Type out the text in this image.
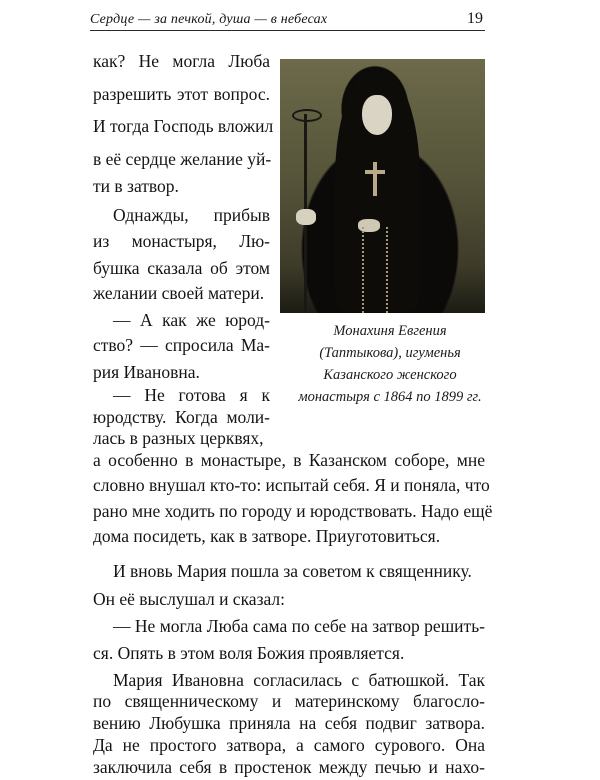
Сердце — за печкой, душа — в небесах	19
Монахиня Евгения
(Таптыкова), игуменья
Казанского женского
монастыря с 1864 по 1899 гг.
как? Не могла Люба
разрешить этот вопрос.
И тогда Господь вложил
в её сердце желание уй-
ти в затвор.
Однажды, прибыв
из монастыря, Лю-
бушка сказала об этом
желании своей матери.
— А как же юрод-
ство? — спросила Ма-
рия Ивановна.
— Не готова я к
юродству. Когда моли-
лась в разных церквях,
а особенно в монастыре, в Казанском соборе, мне
словно внушал кто-то: испытай себя. Я и поняла, что
рано мне ходить по городу и юродствовать. Надо ещё
дома посидеть, как в затворе. Приуготовиться.
И вновь Мария пошла за советом к священнику.
Он её выслушал и сказал:
— Не могла Люба сама по себе на затвор решить-
ся. Опять в этом воля Божия проявляется.
Мария Ивановна согласилась с батюшкой. Так
по священническому и материнскому благосло-
вению Любушка приняла на себя подвиг затвора.
Да не простого затвора, а самого сурового. Она
заключила себя в простенок между печью и нахо-
